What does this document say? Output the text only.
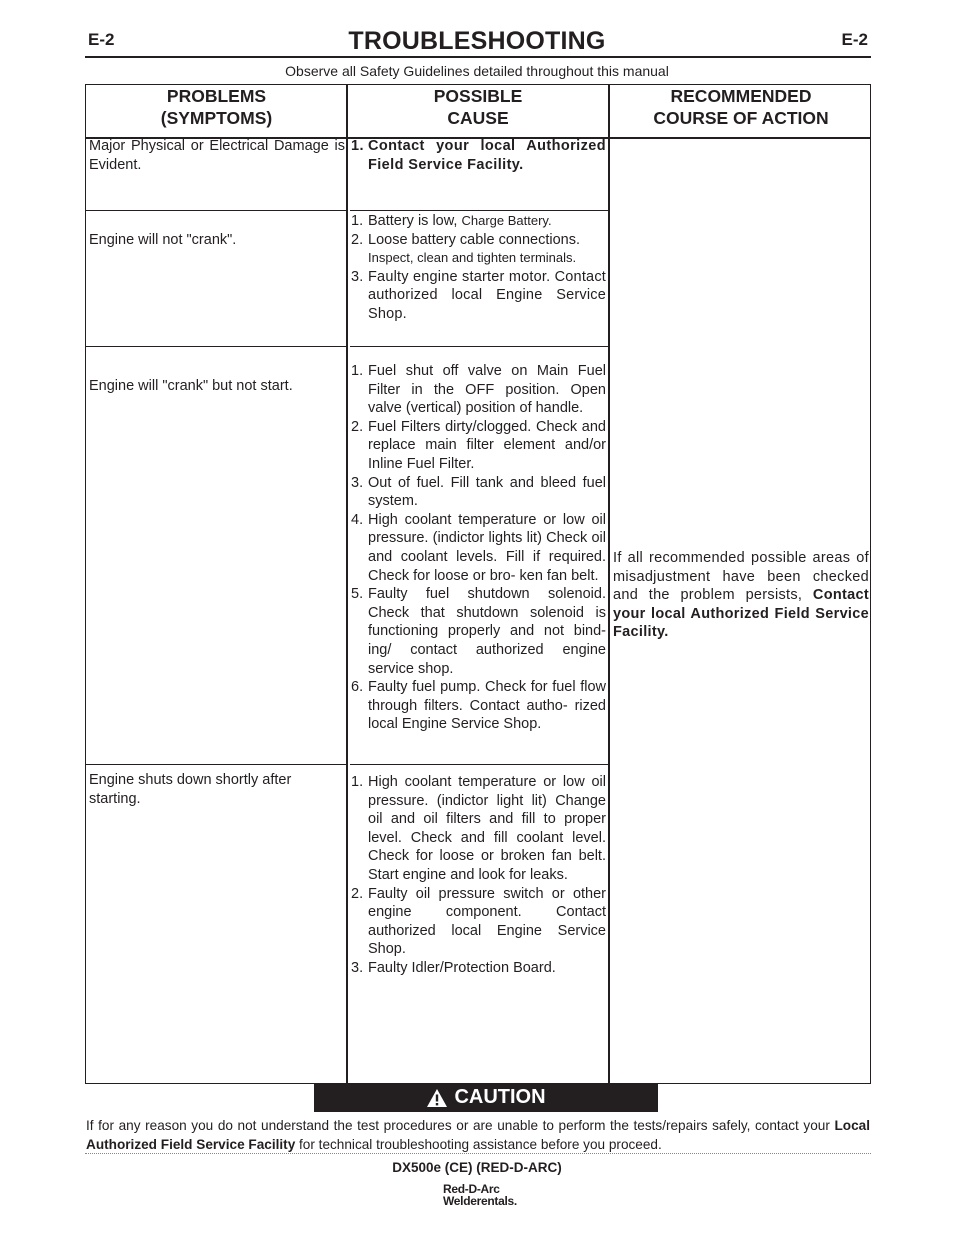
E-2	E-2
TROUBLESHOOTING
Observe all Safety Guidelines detailed throughout this manual
PROBLEMS
(SYMPTOMS)
POSSIBLE
CAUSE
RECOMMENDED
COURSE OF ACTION
Major Physical or Electrical Damage is Evident.
1. Contact your local Authorized Field Service Facility.
Engine will not "crank".
1. Battery is low, Charge Battery.
2. Loose battery cable connections.
Inspect, clean and tighten terminals.
3. Faulty engine starter motor. Contact authorized local Engine Service Shop.
Engine will "crank" but not start.
1. Fuel shut off valve on Main Fuel Filter in the OFF position. Open valve (vertical) position of handle.
2. Fuel Filters dirty/clogged. Check and replace main filter element and/or Inline Fuel Filter.
3. Out of fuel. Fill tank and bleed fuel system.
4. High coolant temperature or low oil pressure. (indictor lights lit) Check oil and coolant levels. Fill if required. Check for loose or bro- ken fan belt.
5. Faulty fuel shutdown solenoid. Check that shutdown solenoid is functioning properly and not bind- ing/ contact authorized engine service shop.
6. Faulty fuel pump. Check for fuel flow through filters. Contact autho- rized local Engine Service Shop.
Engine shuts down shortly after starting.
1. High coolant temperature or low oil pressure. (indictor light lit) Change oil and oil filters and fill to proper level. Check and fill coolant level. Check for loose or broken fan belt. Start engine and look for leaks.
2. Faulty oil pressure switch or other engine component. Contact authorized local Engine Service Shop.
3. Faulty Idler/Protection Board.
If all recommended possible areas of misadjustment have been checked and the problem persists, Contact your local Authorized Field Service Facility.
CAUTION
If for any reason you do not understand the test procedures or are unable to perform the tests/repairs safely, contact your Local Authorized Field Service Facility for technical troubleshooting assistance before you proceed.
DX500e (CE) (RED-D-ARC)
Red-D-Arc
Welderentals.
